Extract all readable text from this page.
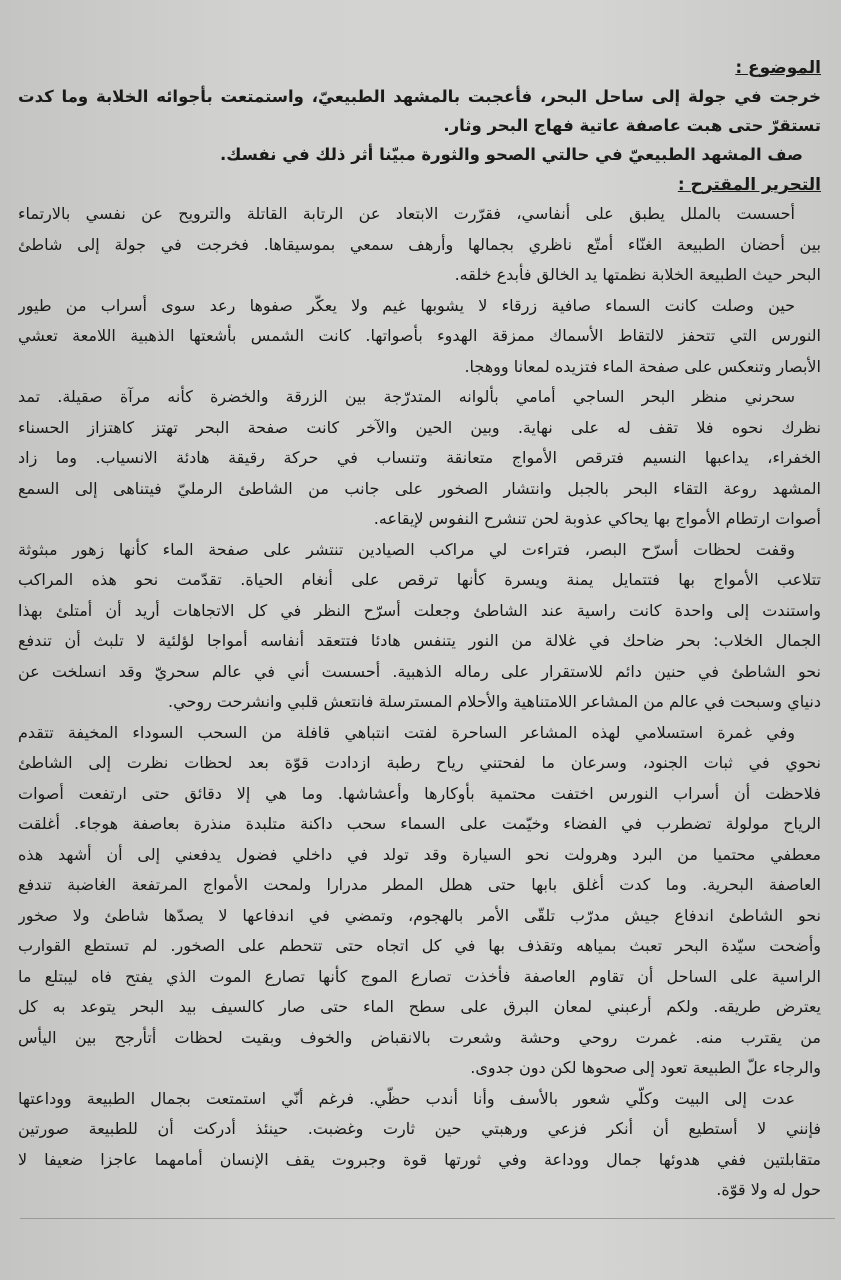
الموضوع :
خرجت في جولة إلى ساحل البحر، فأعجبت بالمشهد الطبيعيّ، واستمتعت بأجوائه الخلابة وما كدت
تستقرّ حتى هبت عاصفة عاتية فهاج البحر وثار.
صف المشهد الطبيعيّ في حالتي الصحو والثورة مبيّنا أثر ذلك في نفسك.
التحرير المقترح :
أحسست بالملل يطبق على أنفاسي، فقرّرت الابتعاد عن الرتابة القاتلة والترويح عن نفسي بالارتماء
بين أحضان الطبيعة الغنّاء أمتّع ناظري بجمالها وأرهف سمعي بموسيقاها. فخرجت في جولة إلى شاطئ
البحر حيث الطبيعة الخلابة نظمتها يد الخالق فأبدع خلقه.
حين وصلت كانت السماء صافية زرقاء لا يشوبها غيم ولا يعكّر صفوها رعد سوى أسراب من طيور
النورس التي تتحفز لالتقاط الأسماك ممزقة الهدوء بأصواتها. كانت الشمس بأشعتها الذهبية اللامعة تعشي
الأبصار وتنعكس على صفحة الماء فتزيده لمعانا ووهجا.
سحرني منظر البحر الساجي أمامي بألوانه المتدرّجة بين الزرقة والخضرة كأنه مرآة صقيلة. تمد
نظرك نحوه فلا تقف له على نهاية. وبين الحين والآخر كانت صفحة البحر تهتز كاهتزاز الحسناء
الخفراء، يداعبها النسيم فترقص الأمواج متعانقة وتنساب في حركة رقيقة هادئة الانسياب. وما زاد
المشهد روعة التقاء البحر بالجبل وانتشار الصخور على جانب من الشاطئ الرمليّ فيتناهى إلى السمع
أصوات ارتطام الأمواج بها يحاكي عذوبة لحن تنشرح النفوس لإيقاعه.
وقفت لحظات أسرّح البصر، فتراءت لي مراكب الصيادين تنتشر على صفحة الماء كأنها زهور مبثوثة
تتلاعب الأمواج بها فتتمايل يمنة ويسرة كأنها ترقص على أنغام الحياة. تقدّمت نحو هذه المراكب
واستندت إلى واحدة كانت راسية عند الشاطئ وجعلت أسرّح النظر في كل الاتجاهات أريد أن أمتلئ بهذا
الجمال الخلاب: بحر ضاحك في غلالة من النور يتنفس هادئا فتتعقد أنفاسه أمواجا لؤلئية لا تلبث أن تندفع
نحو الشاطئ في حنين دائم للاستقرار على رماله الذهبية. أحسست أني في عالم سحريّ وقد انسلخت عن
دنياي وسبحت في عالم من المشاعر اللامتناهية والأحلام المسترسلة فانتعش قلبي وانشرحت روحي.
وفي غمرة استسلامي لهذه المشاعر الساحرة لفتت انتباهي قافلة من السحب السوداء المخيفة تتقدم
نحوي في ثبات الجنود، وسرعان ما لفحتني رياح رطبة ازدادت قوّة بعد لحظات نظرت إلى الشاطئ
فلاحظت أن أسراب النورس اختفت محتمية بأوكارها وأعشاشها. وما هي إلا دقائق حتى ارتفعت أصوات
الرياح مولولة تضطرب في الفضاء وخيّمت على السماء سحب داكنة متلبدة منذرة بعاصفة هوجاء. أغلقت
معطفي محتميا من البرد وهرولت نحو السيارة وقد تولد في داخلي فضول يدفعني إلى أن أشهد هذه
العاصفة البحرية. وما كدت أغلق بابها حتى هطل المطر مدرارا ولمحت الأمواج المرتفعة الغاضبة تندفع
نحو الشاطئ اندفاع جيش مدرّب تلقّى الأمر بالهجوم، وتمضي في اندفاعها لا يصدّها شاطئ ولا صخور
وأضحت سيّدة البحر تعبث بمياهه وتقذف بها في كل اتجاه حتى تتحطم على الصخور. لم تستطع القوارب
الراسية على الساحل أن تقاوم العاصفة فأخذت تصارع الموج كأنها تصارع الموت الذي يفتح فاه ليبتلع ما
يعترض طريقه. ولكم أرعبني لمعان البرق على سطح الماء حتى صار كالسيف بيد البحر يتوعد به كل
من يقترب منه. غمرت روحي وحشة وشعرت بالانقباض والخوف وبقيت لحظات أتأرجح بين اليأس
والرجاء علّ الطبيعة تعود إلى صحوها لكن دون جدوى.
عدت إلى البيت وكلّي شعور بالأسف وأنا أندب حظّي. فرغم أنّي استمتعت بجمال الطبيعة ووداعتها
فإنني لا أستطيع أن أنكر فزعي ورهبتي حين ثارت وغضبت. حينئذ أدركت أن للطبيعة صورتين
متقابلتين ففي هدوئها جمال ووداعة وفي ثورتها قوة وجبروت يقف الإنسان أمامهما عاجزا ضعيفا لا
حول له ولا قوّة.
